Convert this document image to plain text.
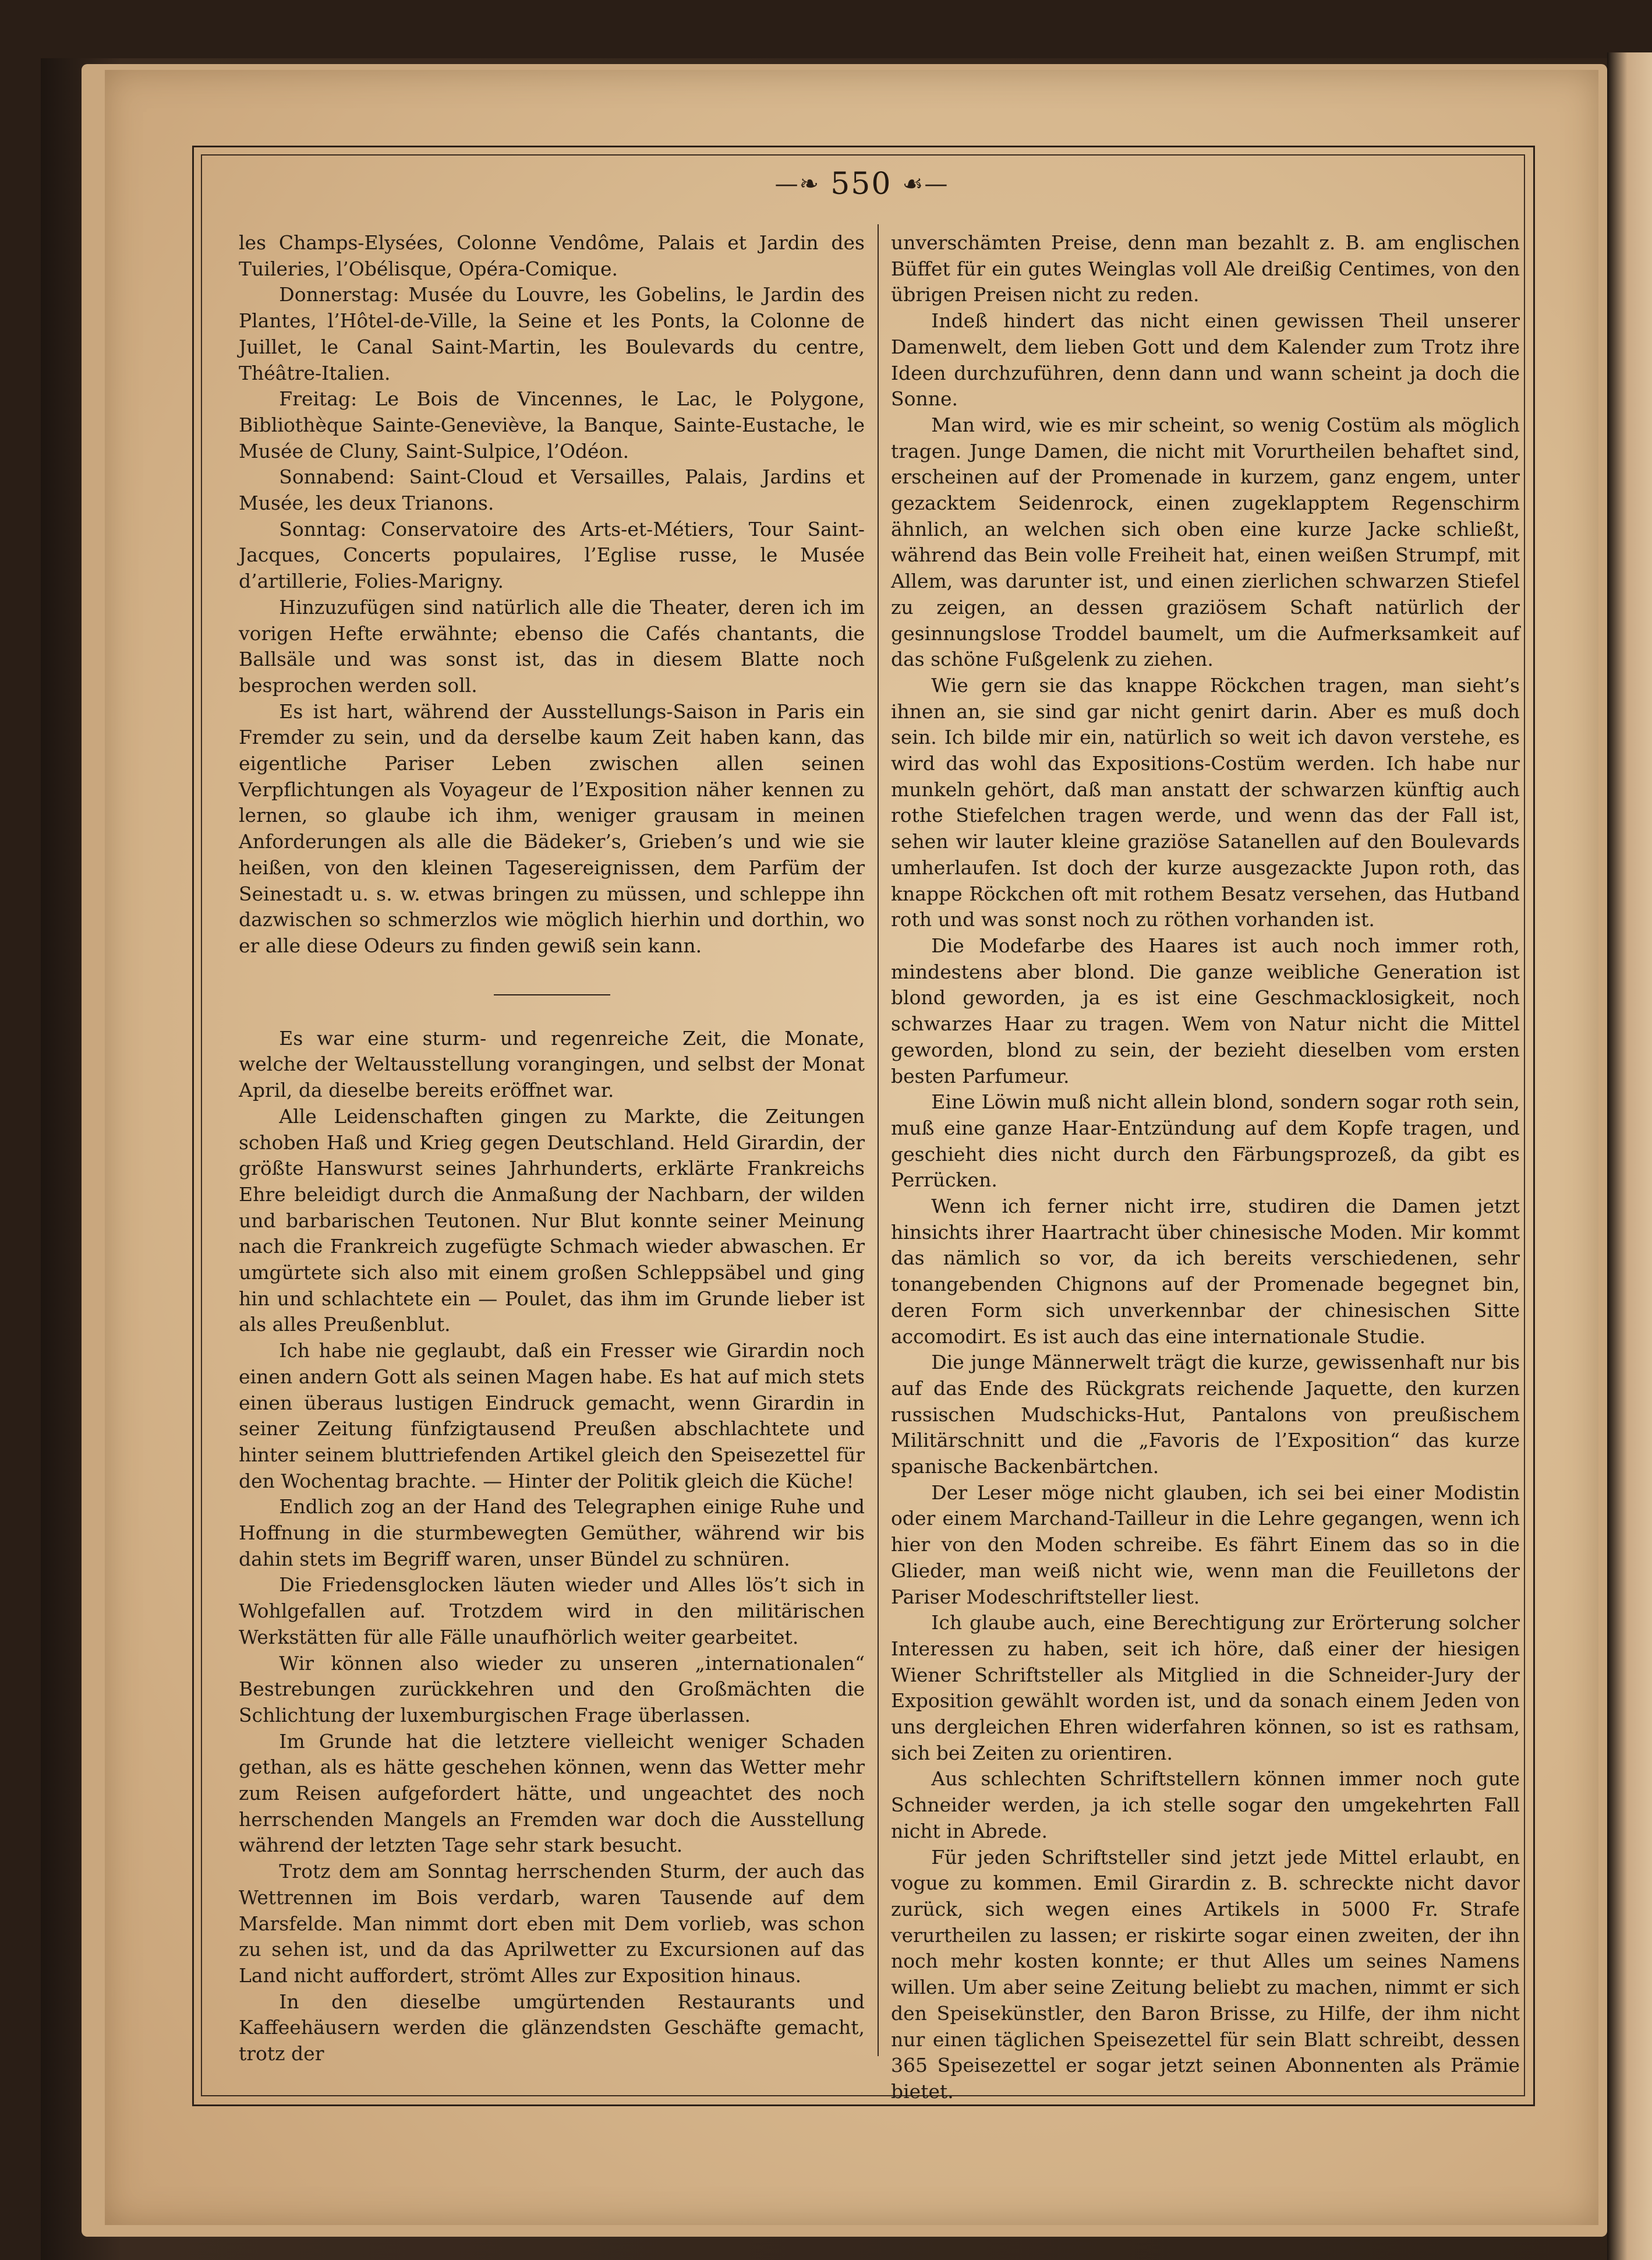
—❧ 550 ☙—

les Champs-Elysées, Colonne Vendôme, Palais et Jardin des Tuileries, l’Obélisque, Opéra-Comique.

Donnerstag: Musée du Louvre, les Gobelins, le Jardin des Plantes, l’Hôtel-de-Ville, la Seine et les Ponts, la Colonne de Juillet, le Canal Saint-Martin, les Boulevards du centre, Théâtre-Italien.

Freitag: Le Bois de Vincennes, le Lac, le Polygone, Bibliothèque Sainte-Geneviève, la Banque, Sainte-Eustache, le Musée de Cluny, Saint-Sulpice, l’Odéon.

Sonnabend: Saint-Cloud et Versailles, Palais, Jardins et Musée, les deux Trianons.

Sonntag: Conservatoire des Arts-et-Métiers, Tour Saint-Jacques, Concerts populaires, l’Eglise russe, le Musée d’artillerie, Folies-Marigny.

Hinzuzufügen sind natürlich alle die Theater, deren ich im vorigen Hefte erwähnte; ebenso die Cafés chantants, die Ballsäle und was sonst ist, das in diesem Blatte noch besprochen werden soll.

Es ist hart, während der Ausstellungs-Saison in Paris ein Fremder zu sein, und da derselbe kaum Zeit haben kann, das eigentliche Pariser Leben zwischen allen seinen Verpflichtungen als Voyageur de l’Exposition näher kennen zu lernen, so glaube ich ihm, weniger grausam in meinen Anforderungen als alle die Bädeker’s, Grieben’s und wie sie heißen, von den kleinen Tagesereignissen, dem Parfüm der Seinestadt u. s. w. etwas bringen zu müssen, und schleppe ihn dazwischen so schmerzlos wie möglich hierhin und dorthin, wo er alle diese Odeurs zu finden gewiß sein kann.

Es war eine sturm- und regenreiche Zeit, die Monate, welche der Weltausstellung vorangingen, und selbst der Monat April, da dieselbe bereits eröffnet war.

Alle Leidenschaften gingen zu Markte, die Zeitungen schoben Haß und Krieg gegen Deutschland. Held Girardin, der größte Hanswurst seines Jahrhunderts, erklärte Frankreichs Ehre beleidigt durch die Anmaßung der Nachbarn, der wilden und barbarischen Teutonen. Nur Blut konnte seiner Meinung nach die Frankreich zugefügte Schmach wieder abwaschen. Er umgürtete sich also mit einem großen Schleppsäbel und ging hin und schlachtete ein — Poulet, das ihm im Grunde lieber ist als alles Preußenblut.

Ich habe nie geglaubt, daß ein Fresser wie Girardin noch einen andern Gott als seinen Magen habe. Es hat auf mich stets einen überaus lustigen Eindruck gemacht, wenn Girardin in seiner Zeitung fünfzigtausend Preußen abschlachtete und hinter seinem bluttriefenden Artikel gleich den Speisezettel für den Wochentag brachte. — Hinter der Politik gleich die Küche!

Endlich zog an der Hand des Telegraphen einige Ruhe und Hoffnung in die sturmbewegten Gemüther, während wir bis dahin stets im Begriff waren, unser Bündel zu schnüren.

Die Friedensglocken läuten wieder und Alles lös’t sich in Wohlgefallen auf. Trotzdem wird in den militärischen Werkstätten für alle Fälle unaufhörlich weiter gearbeitet.

Wir können also wieder zu unseren „internationalen“ Bestrebungen zurückkehren und den Großmächten die Schlichtung der luxemburgischen Frage überlassen.

Im Grunde hat die letztere vielleicht weniger Schaden gethan, als es hätte geschehen können, wenn das Wetter mehr zum Reisen aufgefordert hätte, und ungeachtet des noch herrschenden Mangels an Fremden war doch die Ausstellung während der letzten Tage sehr stark besucht.

Trotz dem am Sonntag herrschenden Sturm, der auch das Wettrennen im Bois verdarb, waren Tausende auf dem Marsfelde. Man nimmt dort eben mit Dem vorlieb, was schon zu sehen ist, und da das Aprilwetter zu Excursionen auf das Land nicht auffordert, strömt Alles zur Exposition hinaus.

In den dieselbe umgürtenden Restaurants und Kaffeehäusern werden die glänzendsten Geschäfte gemacht, trotz der

unverschämten Preise, denn man bezahlt z. B. am englischen Büffet für ein gutes Weinglas voll Ale dreißig Centimes, von den übrigen Preisen nicht zu reden.

Indeß hindert das nicht einen gewissen Theil unserer Damenwelt, dem lieben Gott und dem Kalender zum Trotz ihre Ideen durchzuführen, denn dann und wann scheint ja doch die Sonne.

Man wird, wie es mir scheint, so wenig Costüm als möglich tragen. Junge Damen, die nicht mit Vorurtheilen behaftet sind, erscheinen auf der Promenade in kurzem, ganz engem, unter gezacktem Seidenrock, einen zugeklapptem Regenschirm ähnlich, an welchen sich oben eine kurze Jacke schließt, während das Bein volle Freiheit hat, einen weißen Strumpf, mit Allem, was darunter ist, und einen zierlichen schwarzen Stiefel zu zeigen, an dessen graziösem Schaft natürlich der gesinnungslose Troddel baumelt, um die Aufmerksamkeit auf das schöne Fußgelenk zu ziehen.

Wie gern sie das knappe Röckchen tragen, man sieht’s ihnen an, sie sind gar nicht genirt darin. Aber es muß doch sein. Ich bilde mir ein, natürlich so weit ich davon verstehe, es wird das wohl das Expositions-Costüm werden. Ich habe nur munkeln gehört, daß man anstatt der schwarzen künftig auch rothe Stiefelchen tragen werde, und wenn das der Fall ist, sehen wir lauter kleine graziöse Satanellen auf den Boulevards umherlaufen. Ist doch der kurze ausgezackte Jupon roth, das knappe Röckchen oft mit rothem Besatz versehen, das Hutband roth und was sonst noch zu röthen vorhanden ist.

Die Modefarbe des Haares ist auch noch immer roth, mindestens aber blond. Die ganze weibliche Generation ist blond geworden, ja es ist eine Geschmacklosigkeit, noch schwarzes Haar zu tragen. Wem von Natur nicht die Mittel geworden, blond zu sein, der bezieht dieselben vom ersten besten Parfumeur.

Eine Löwin muß nicht allein blond, sondern sogar roth sein, muß eine ganze Haar-Entzündung auf dem Kopfe tragen, und geschieht dies nicht durch den Färbungsprozeß, da gibt es Perrücken.

Wenn ich ferner nicht irre, studiren die Damen jetzt hinsichts ihrer Haartracht über chinesische Moden. Mir kommt das nämlich so vor, da ich bereits verschiedenen, sehr tonangebenden Chignons auf der Promenade begegnet bin, deren Form sich unverkennbar der chinesischen Sitte accomodirt. Es ist auch das eine internationale Studie.

Die junge Männerwelt trägt die kurze, gewissenhaft nur bis auf das Ende des Rückgrats reichende Jaquette, den kurzen russischen Mudschicks-Hut, Pantalons von preußischem Militärschnitt und die „Favoris de l’Exposition“ das kurze spanische Backenbärtchen.

Der Leser möge nicht glauben, ich sei bei einer Modistin oder einem Marchand-Tailleur in die Lehre gegangen, wenn ich hier von den Moden schreibe. Es fährt Einem das so in die Glieder, man weiß nicht wie, wenn man die Feuilletons der Pariser Modeschriftsteller liest.

Ich glaube auch, eine Berechtigung zur Erörterung solcher Interessen zu haben, seit ich höre, daß einer der hiesigen Wiener Schriftsteller als Mitglied in die Schneider-Jury der Exposition gewählt worden ist, und da sonach einem Jeden von uns dergleichen Ehren widerfahren können, so ist es rathsam, sich bei Zeiten zu orientiren.

Aus schlechten Schriftstellern können immer noch gute Schneider werden, ja ich stelle sogar den umgekehrten Fall nicht in Abrede.

Für jeden Schriftsteller sind jetzt jede Mittel erlaubt, en vogue zu kommen. Emil Girardin z. B. schreckte nicht davor zurück, sich wegen eines Artikels in 5000 Fr. Strafe verurtheilen zu lassen; er riskirte sogar einen zweiten, der ihn noch mehr kosten konnte; er thut Alles um seines Namens willen. Um aber seine Zeitung beliebt zu machen, nimmt er sich den Speisekünstler, den Baron Brisse, zu Hilfe, der ihm nicht nur einen täglichen Speisezettel für sein Blatt schreibt, dessen 365 Speisezettel er sogar jetzt seinen Abonnenten als Prämie bietet.
